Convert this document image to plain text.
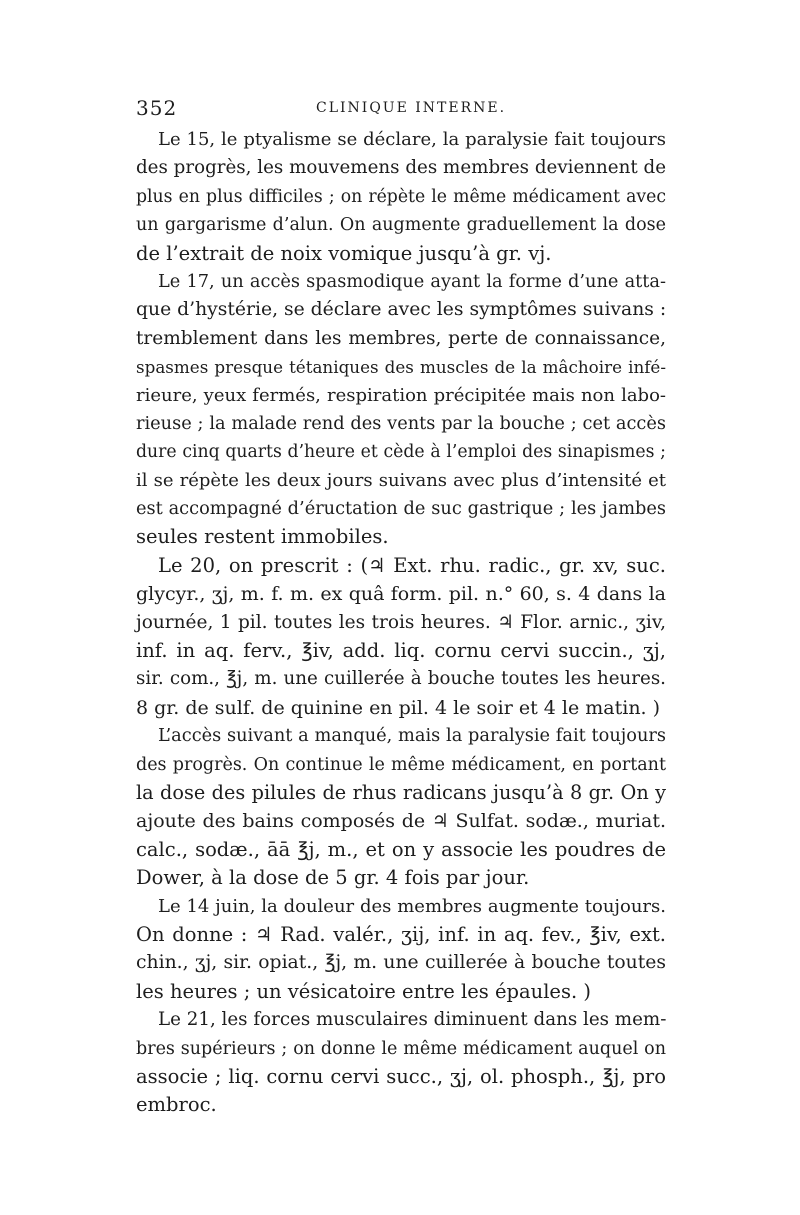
352	CLINIQUE INTERNE.
Le 15, le ptyalisme se déclare, la paralysie fait toujours
des progrès, les mouvemens des membres deviennent de
plus en plus difficiles ; on répète le même médicament avec
un gargarisme d’alun. On augmente graduellement la dose
de l’extrait de noix vomique jusqu’à gr. vj.
Le 17, un accès spasmodique ayant la forme d’une atta-
que d’hystérie, se déclare avec les symptômes suivans :
tremblement dans les membres, perte de connaissance,
spasmes presque tétaniques des muscles de la mâchoire infé-
rieure, yeux fermés, respiration précipitée mais non labo-
rieuse ; la malade rend des vents par la bouche ; cet accès
dure cinq quarts d’heure et cède à l’emploi des sinapismes ;
il se répète les deux jours suivans avec plus d’intensité et
est accompagné d’éructation de suc gastrique ; les jambes
seules restent immobiles.
Le 20, on prescrit : (♃ Ext. rhu. radic., gr. xv, suc.
glycyr., ʒj, m. f. m. ex quâ form. pil. n.° 60, s. 4 dans la
journée, 1 pil. toutes les trois heures. ♃ Flor. arnic., ʒiv,
inf. in aq. ferv., ℥iv, add. liq. cornu cervi succin., ʒj,
sir. com., ℥j, m. une cuillerée à bouche toutes les heures.
8 gr. de sulf. de quinine en pil. 4 le soir et 4 le matin. )
L’accès suivant a manqué, mais la paralysie fait toujours
des progrès. On continue le même médicament, en portant
la dose des pilules de rhus radicans jusqu’à 8 gr. On y
ajoute des bains composés de ♃ Sulfat. sodæ., muriat.
calc., sodæ., āā ℥j, m., et on y associe les poudres de
Dower, à la dose de 5 gr. 4 fois par jour.
Le 14 juin, la douleur des membres augmente toujours.
On donne : ♃ Rad. valér., ʒij, inf. in aq. fev., ℥iv, ext.
chin., ʒj, sir. opiat., ℥j, m. une cuillerée à bouche toutes
les heures ; un vésicatoire entre les épaules. )
Le 21, les forces musculaires diminuent dans les mem-
bres supérieurs ; on donne le même médicament auquel on
associe ; liq. cornu cervi succ., ʒj, ol. phosph., ℥j, pro
embroc.
